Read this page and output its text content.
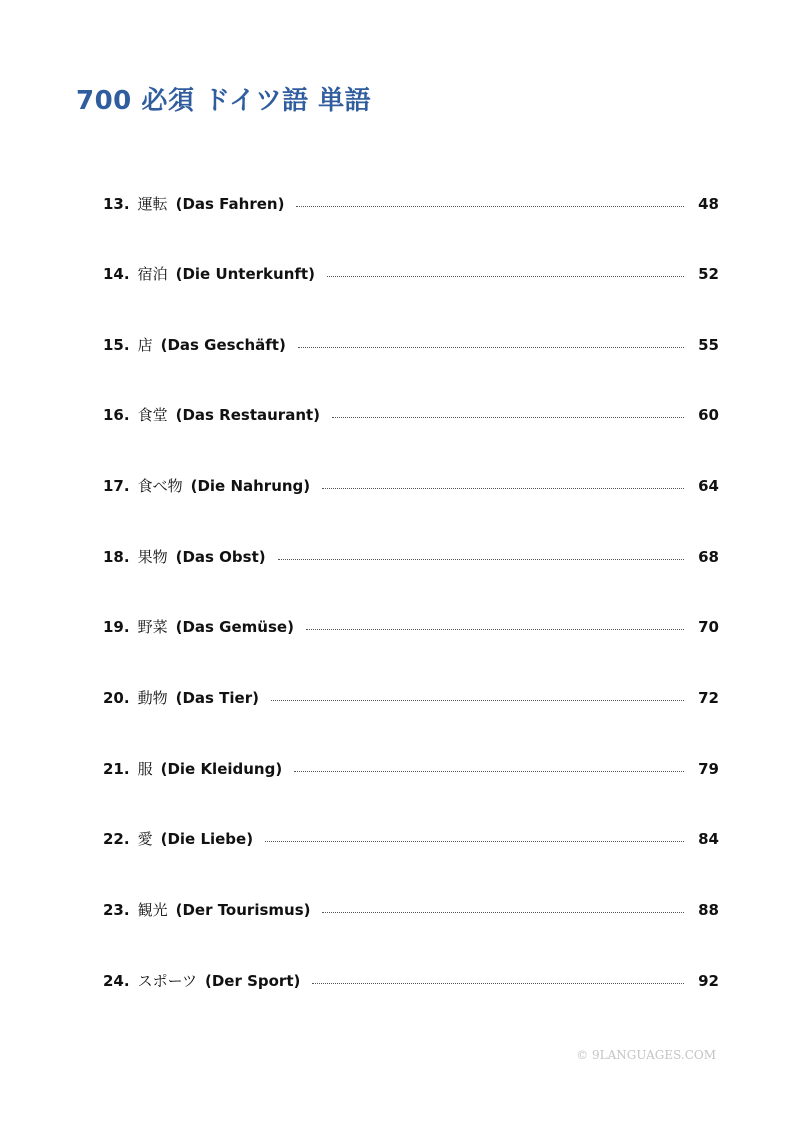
700 必須 ドイツ語 単語
13. 運転 (Das Fahren)	48
14. 宿泊 (Die Unterkunft)	52
15. 店 (Das Geschäft)	55
16. 食堂 (Das Restaurant)	60
17. 食べ物 (Die Nahrung)	64
18. 果物 (Das Obst)	68
19. 野菜 (Das Gemüse)	70
20. 動物 (Das Tier)	72
21. 服 (Die Kleidung)	79
22. 愛 (Die Liebe)	84
23. 観光 (Der Tourismus)	88
24. スポーツ (Der Sport)	92
© 9LANGUAGES.COM
